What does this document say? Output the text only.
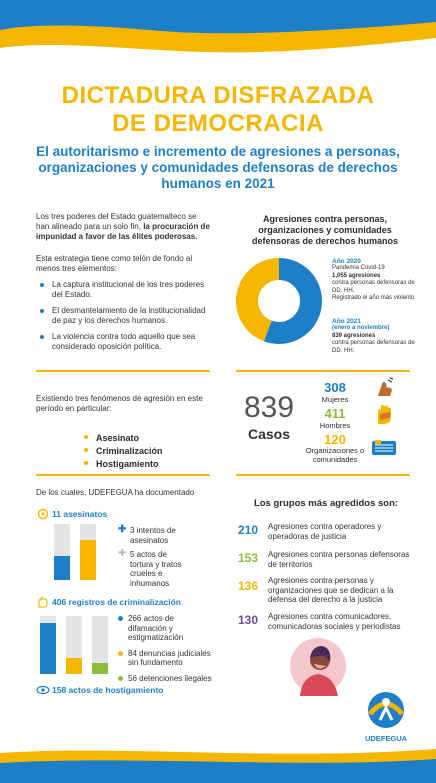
DICTADURA DISFRAZADA
DE DEMOCRACIA
El autoritarismo e incremento de agresiones a personas, organizaciones y comunidades defensoras de derechos humanos en 2021
Los tres poderes del Estado guatemalteco se han alineado para un solo fin, la procuración de impunidad a favor de las élites poderosas.
Esta estrategia tiene como telón de fondo al menos tres elementos:
La captura institucional de los tres poderes del Estado.
El desmantelamiento de la institucionalidad de paz y los derechos humanos.
La violencia contra todo aquello que sea considerado oposición política.
Agresiones contra personas, organizaciones y comunidades defensoras de derechos humanos
Año 2020
Pandemia Covid-19
1,055 agresiones
contra personas defensoras de DD. HH.
Registrado el año más violento
Año 2021
(enero a noviembre)
839 agresiones
contra personas defensoras de DD. HH.
Existiendo tres fenómenos de agresión en este período en particular:
Asesinato
Criminalización
Hostigamiento
839
Casos
308
Mujeres
411
Hombres
120
Organizaciones o comunidades
De los cuales, UDEFEGUA ha documentado
11 asesinatos
✚ 3 intentos de asesinatos
✚ 5 actos de tortura y tratos crueles e inhumanos
406 registros de criminalización
266 actos de difamación y estigmatización
84 denuncias judiciales sin fundamento
56 detenciones ilegales
158 actos de hostigamiento
Los grupos más agredidos son:
210 Agresiones contra operadores y operadoras de justicia
153 Agresiones contra personas defensoras de territorios
136 Agresiones contra personas y organizaciones que se dedican a la defensa del derecho a la justicia
130 Agresiones contra comunicadores, comunicadoras sociales y periodistas
UDEFEGUA
